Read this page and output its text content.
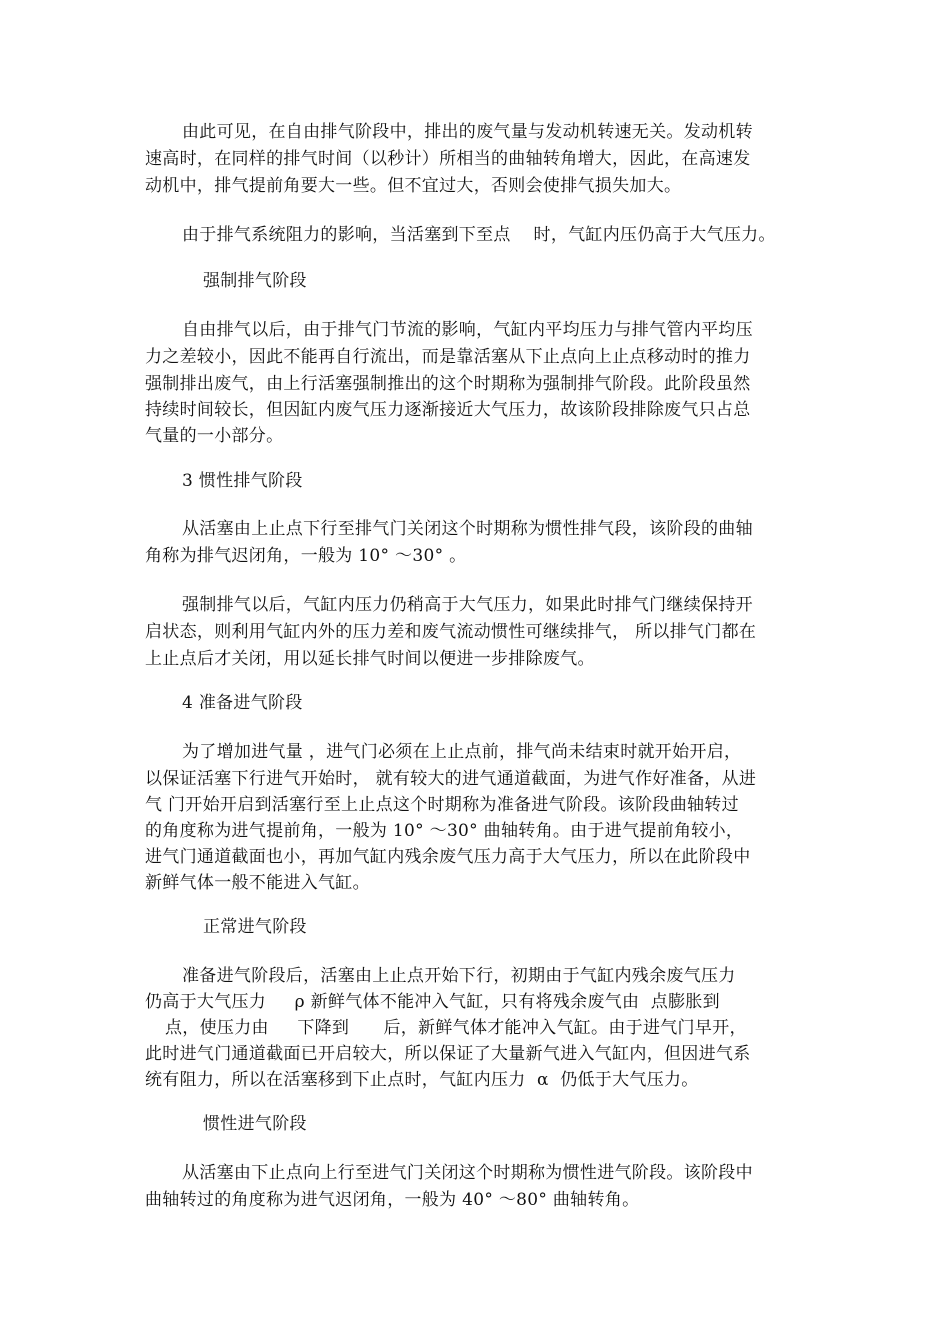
由此可见，在自由排气阶段中，排出的废气量与发动机转速无关。发动机转
速高时，在同样的排气时间（以秒计）所相当的曲轴转角增大，因此，在高速发
动机中，排气提前角要大一些。但不宜过大，否则会使排气损失加大。
由于排气系统阻力的影响，当活塞到下至点    时，气缸内压仍高于大气压力。
强制排气阶段
自由排气以后，由于排气门节流的影响，气缸内平均压力与排气管内平均压
力之差较小，因此不能再自行流出，而是靠活塞从下止点向上止点移动时的推力
强制排出废气，由上行活塞强制推出的这个时期称为强制排气阶段。此阶段虽然
持续时间较长，但因缸内废气压力逐渐接近大气压力，故该阶段排除废气只占总
气量的一小部分。
3 惯性排气阶段
从活塞由上止点下行至排气门关闭这个时期称为惯性排气段，该阶段的曲轴
角称为排气迟闭角，一般为 10° ～30° 。
强制排气以后，气缸内压力仍稍高于大气压力，如果此时排气门继续保持开
启状态，则利用气缸内外的压力差和废气流动惯性可继续排气， 所以排气门都在
上止点后才关闭，用以延长排气时间以便进一步排除废气。
4 准备进气阶段
为了增加进气量 ，进气门必须在上止点前，排气尚未结束时就开始开启，
以保证活塞下行进气开始时， 就有较大的进气通道截面，为进气作好准备，从进
气 门开始开启到活塞行至上止点这个时期称为准备进气阶段。该阶段曲轴转过
的角度称为进气提前角，一般为 10° ～30° 曲轴转角。由于进气提前角较小，
进气门通道截面也小，再加气缸内残余废气压力高于大气压力，所以在此阶段中
新鲜气体一般不能进入气缸。
正常进气阶段
准备进气阶段后，活塞由上止点开始下行，初期由于气缸内残余废气压力
仍高于大气压力     ρ 新鲜气体不能冲入气缸，只有将残余废气由  点膨胀到
点，使压力由     下降到      后，新鲜气体才能冲入气缸。由于进气门早开，
此时进气门通道截面已开启较大，所以保证了大量新气进入气缸内，但因进气系
统有阻力，所以在活塞移到下止点时，气缸内压力  α  仍低于大气压力。
惯性进气阶段
从活塞由下止点向上行至进气门关闭这个时期称为惯性进气阶段。该阶段中
曲轴转过的角度称为进气迟闭角，一般为 40° ～80° 曲轴转角。
